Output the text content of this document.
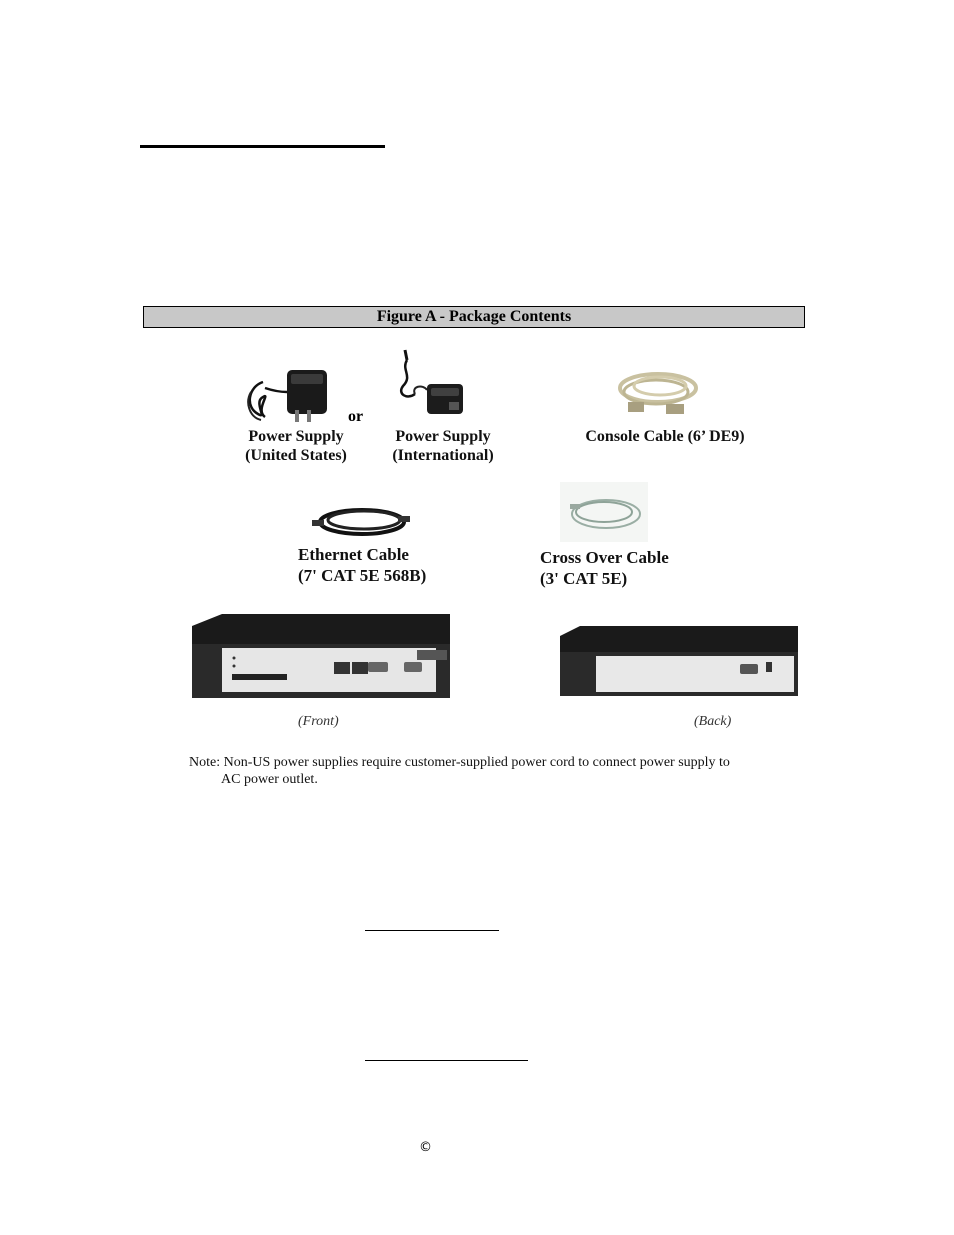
Figure A - Package Contents
or
Power Supply
(United States)
Power Supply
(International)
Console Cable (6’ DE9)
Ethernet Cable
(7' CAT 5E 568B)
Cross Over Cable
(3' CAT 5E)
(Front)	(Back)
Note: Non-US power supplies require customer-supplied power cord to connect power supply to
AC power outlet.
©
